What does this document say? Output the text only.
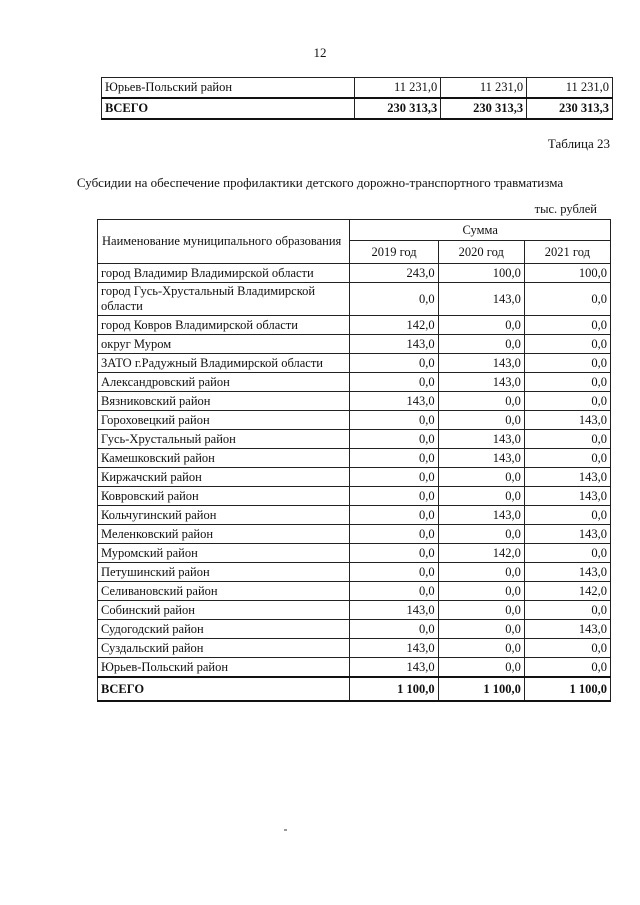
12
Юрьев-Польский район	11 231,0	11 231,0	11 231,0
ВСЕГО	230 313,3	230 313,3	230 313,3
Таблица 23
Субсидии на обеспечение профилактики детского дорожно-транспортного травматизма
тыс. рублей
Наименование муниципального образования	Сумма		
	2019 год	2020 год	2021 год
город Владимир Владимирской области	243,0	100,0	100,0
город Гусь-Хрустальный Владимирской области	0,0	143,0	0,0
город Ковров Владимирской области	142,0	0,0	0,0
округ Муром	143,0	0,0	0,0
ЗАТО г.Радужный Владимирской области	0,0	143,0	0,0
Александровский район	0,0	143,0	0,0
Вязниковский район	143,0	0,0	0,0
Гороховецкий район	0,0	0,0	143,0
Гусь-Хрустальный район	0,0	143,0	0,0
Камешковский район	0,0	143,0	0,0
Киржачский район	0,0	0,0	143,0
Ковровский район	0,0	0,0	143,0
Кольчугинский район	0,0	143,0	0,0
Меленковский район	0,0	0,0	143,0
Муромский район	0,0	142,0	0,0
Петушинский район	0,0	0,0	143,0
Селивановский район	0,0	0,0	142,0
Собинский район	143,0	0,0	0,0
Судогодский район	0,0	0,0	143,0
Суздальский район	143,0	0,0	0,0
Юрьев-Польский район	143,0	0,0	0,0
ВСЕГО	1 100,0	1 100,0	1 100,0
